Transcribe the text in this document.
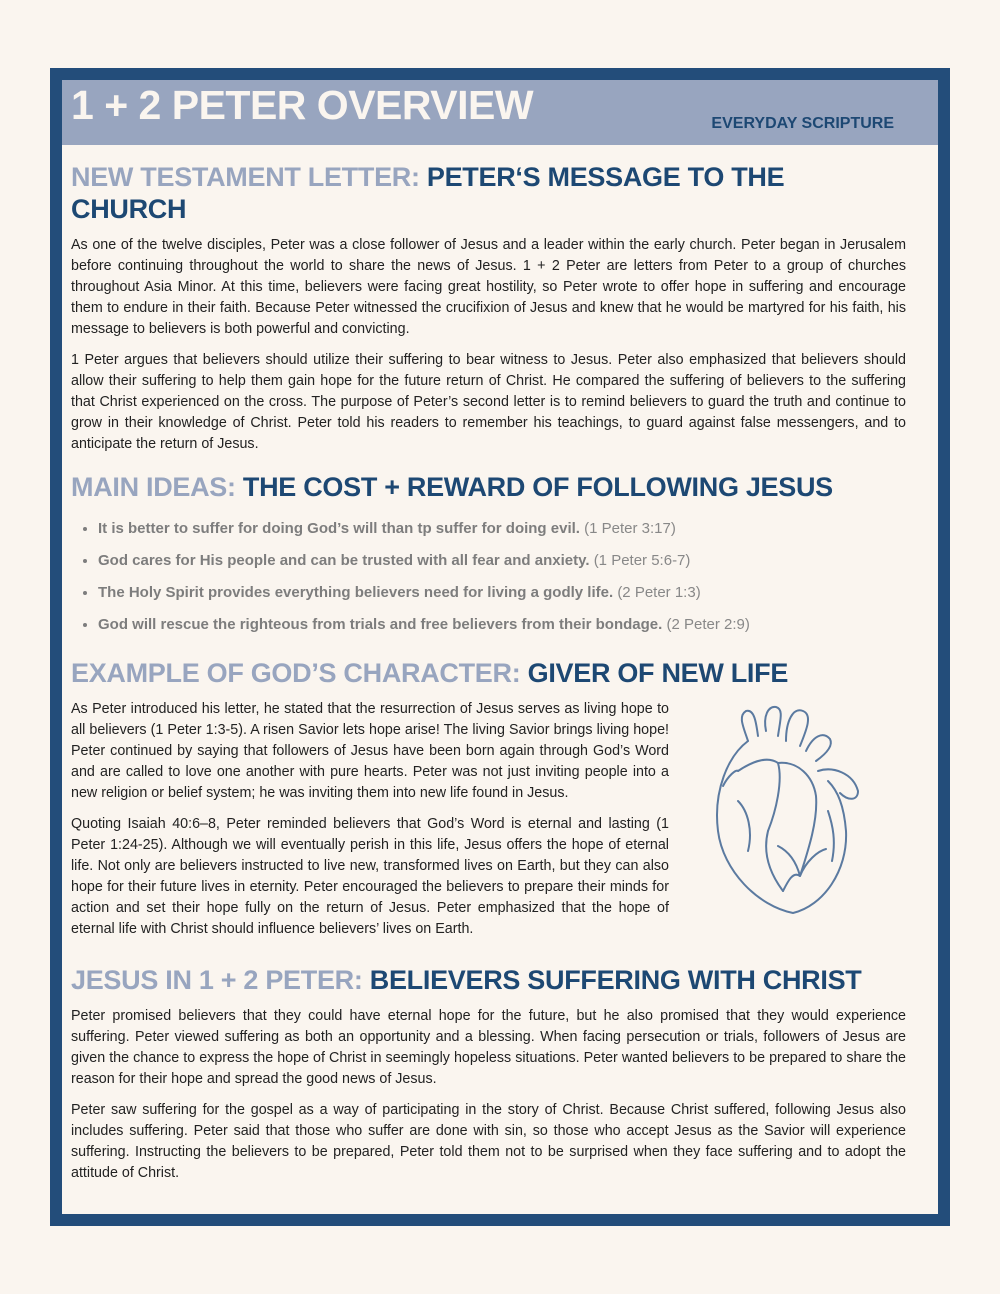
1 + 2 PETER OVERVIEW	EVERYDAY SCRIPTURE
NEW TESTAMENT LETTER: PETER‘S MESSAGE TO THE CHURCH

As one of the twelve disciples, Peter was a close follower of Jesus and a leader within the early church. Peter began in Jerusalem before continuing throughout the world to share the news of Jesus. 1 + 2 Peter are letters from Peter to a group of churches throughout Asia Minor. At this time, believers were facing great hostility, so Peter wrote to offer hope in suffering and encourage them to endure in their faith. Because Peter witnessed the crucifixion of Jesus and knew that he would be martyred for his faith, his message to believers is both powerful and convicting.

1 Peter argues that believers should utilize their suffering to bear witness to Jesus. Peter also emphasized that believers should allow their suffering to help them gain hope for the future return of Christ. He compared the suffering of believers to the suffering that Christ experienced on the cross. The purpose of Peter’s second letter is to remind believers to guard the truth and continue to grow in their knowledge of Christ. Peter told his readers to remember his teachings, to guard against false messengers, and to anticipate the return of Jesus.

MAIN IDEAS: THE COST + REWARD OF FOLLOWING JESUS
• It is better to suffer for doing God’s will than tp suffer for doing evil. (1 Peter 3:17)
• God cares for His people and can be trusted with all fear and anxiety. (1 Peter 5:6-7)
• The Holy Spirit provides everything believers need for living a godly life. (2 Peter 1:3)
• God will rescue the righteous from trials and free believers from their bondage. (2 Peter 2:9)
EXAMPLE OF GOD’S CHARACTER: GIVER OF NEW LIFE

As Peter introduced his letter, he stated that the resurrection of Jesus serves as living hope to all believers (1 Peter 1:3-5). A risen Savior lets hope arise! The living Savior brings living hope! Peter continued by saying that followers of Jesus have been born again through God’s Word and are called to love one another with pure hearts. Peter was not just inviting people into a new religion or belief system; he was inviting them into new life found in Jesus.

Quoting Isaiah 40:6–8, Peter reminded believers that God’s Word is eternal and lasting (1 Peter 1:24-25). Although we will eventually perish in this life, Jesus offers the hope of eternal life. Not only are believers instructed to live new, transformed lives on Earth, but they can also hope for their future lives in eternity. Peter encouraged the believers to prepare their minds for action and set their hope fully on the return of Jesus. Peter emphasized that the hope of eternal life with Christ should influence believers’ lives on Earth.

JESUS IN 1 + 2 PETER: BELIEVERS SUFFERING WITH CHRIST

Peter promised believers that they could have eternal hope for the future, but he also promised that they would experience suffering. Peter viewed suffering as both an opportunity and a blessing. When facing persecution or trials, followers of Jesus are given the chance to express the hope of Christ in seemingly hopeless situations. Peter wanted believers to be prepared to share the reason for their hope and spread the good news of Jesus.

Peter saw suffering for the gospel as a way of participating in the story of Christ. Because Christ suffered, following Jesus also includes suffering. Peter said that those who suffer are done with sin, so those who accept Jesus as the Savior will experience suffering. Instructing the believers to be prepared, Peter told them not to be surprised when they face suffering and to adopt the attitude of Christ.
